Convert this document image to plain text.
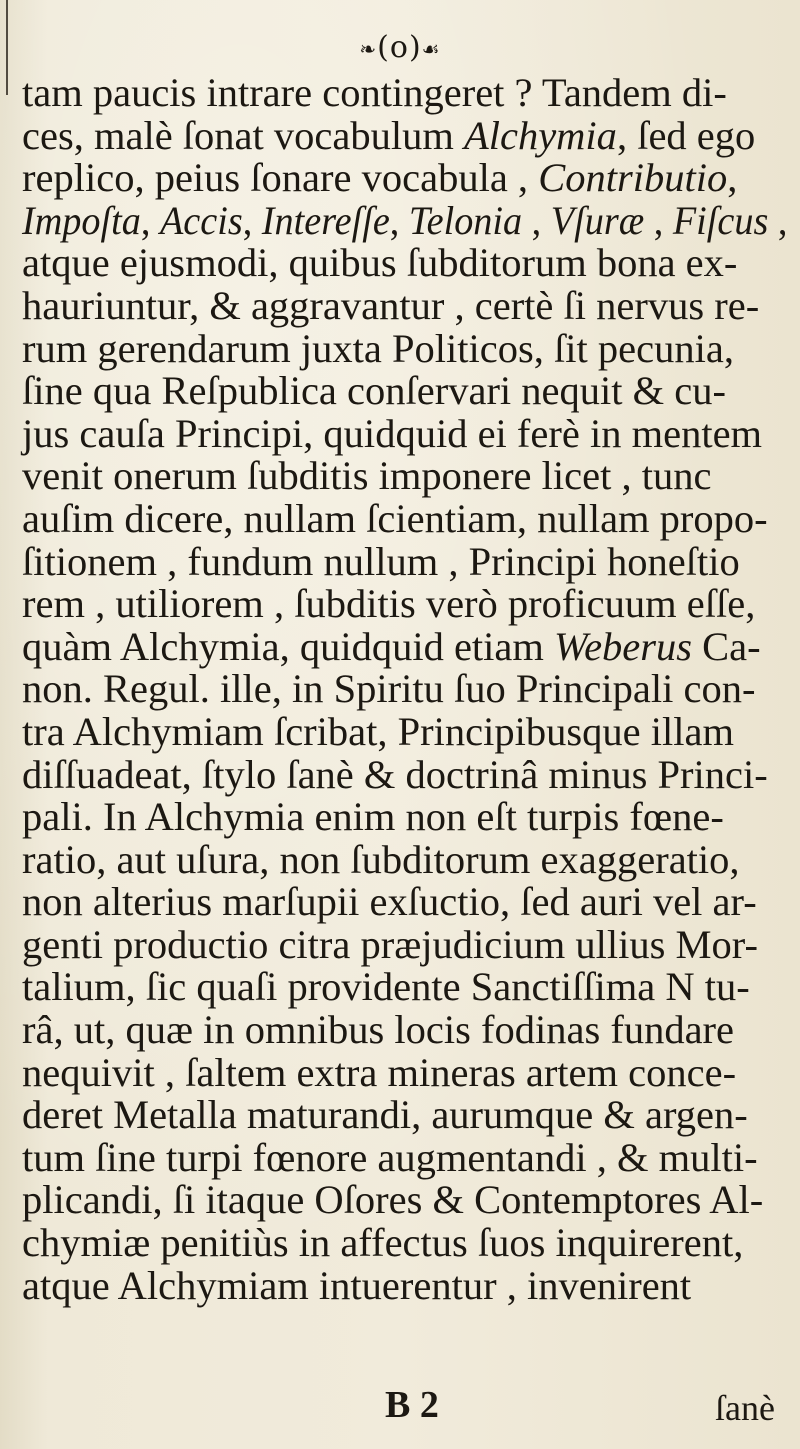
❧(o)☙
tam paucis intrare contingeret ? Tandem di-
ces, malè ſonat vocabulum Alchymia, ſed ego
replico, peius ſonare vocabula , Contributio,
Impoſta, Accis, Intereſſe, Telonia , Vſuræ , Fiſcus ,
atque ejusmodi, quibus ſubditorum bona ex-
hauriuntur, & aggravantur , certè ſi nervus re-
rum gerendarum juxta Politicos, ſit pecunia,
ſine qua Reſpublica conſervari nequit & cu-
jus cauſa Principi, quidquid ei ferè in mentem
venit onerum ſubditis imponere licet , tunc
auſim dicere, nullam ſcientiam, nullam propo-
ſitionem , fundum nullum , Principi honeſtio
rem , utiliorem , ſubditis verò proficuum eſſe,
quàm Alchymia, quidquid etiam Weberus Ca-
non. Regul. ille, in Spiritu ſuo Principali con-
tra Alchymiam ſcribat, Principibusque illam
diſſuadeat, ſtylo ſanè & doctrinâ minus Princi-
pali. In Alchymia enim non eſt turpis fœne-
ratio, aut uſura, non ſubditorum exaggeratio,
non alterius marſupii exſuctio, ſed auri vel ar-
genti productio citra præjudicium ullius Mor-
talium, ſic quaſi providente Sanctiſſima N tu-
râ, ut, quæ in omnibus locis fodinas fundare
nequivit , ſaltem extra mineras artem conce-
deret Metalla maturandi, aurumque & argen-
tum ſine turpi fœnore augmentandi , & multi-
plicandi, ſi itaque Oſores & Contemptores Al-
chymiæ penitiùs in affectus ſuos inquirerent,
atque Alchymiam intuerentur , invenirent
B 2	ſanè
